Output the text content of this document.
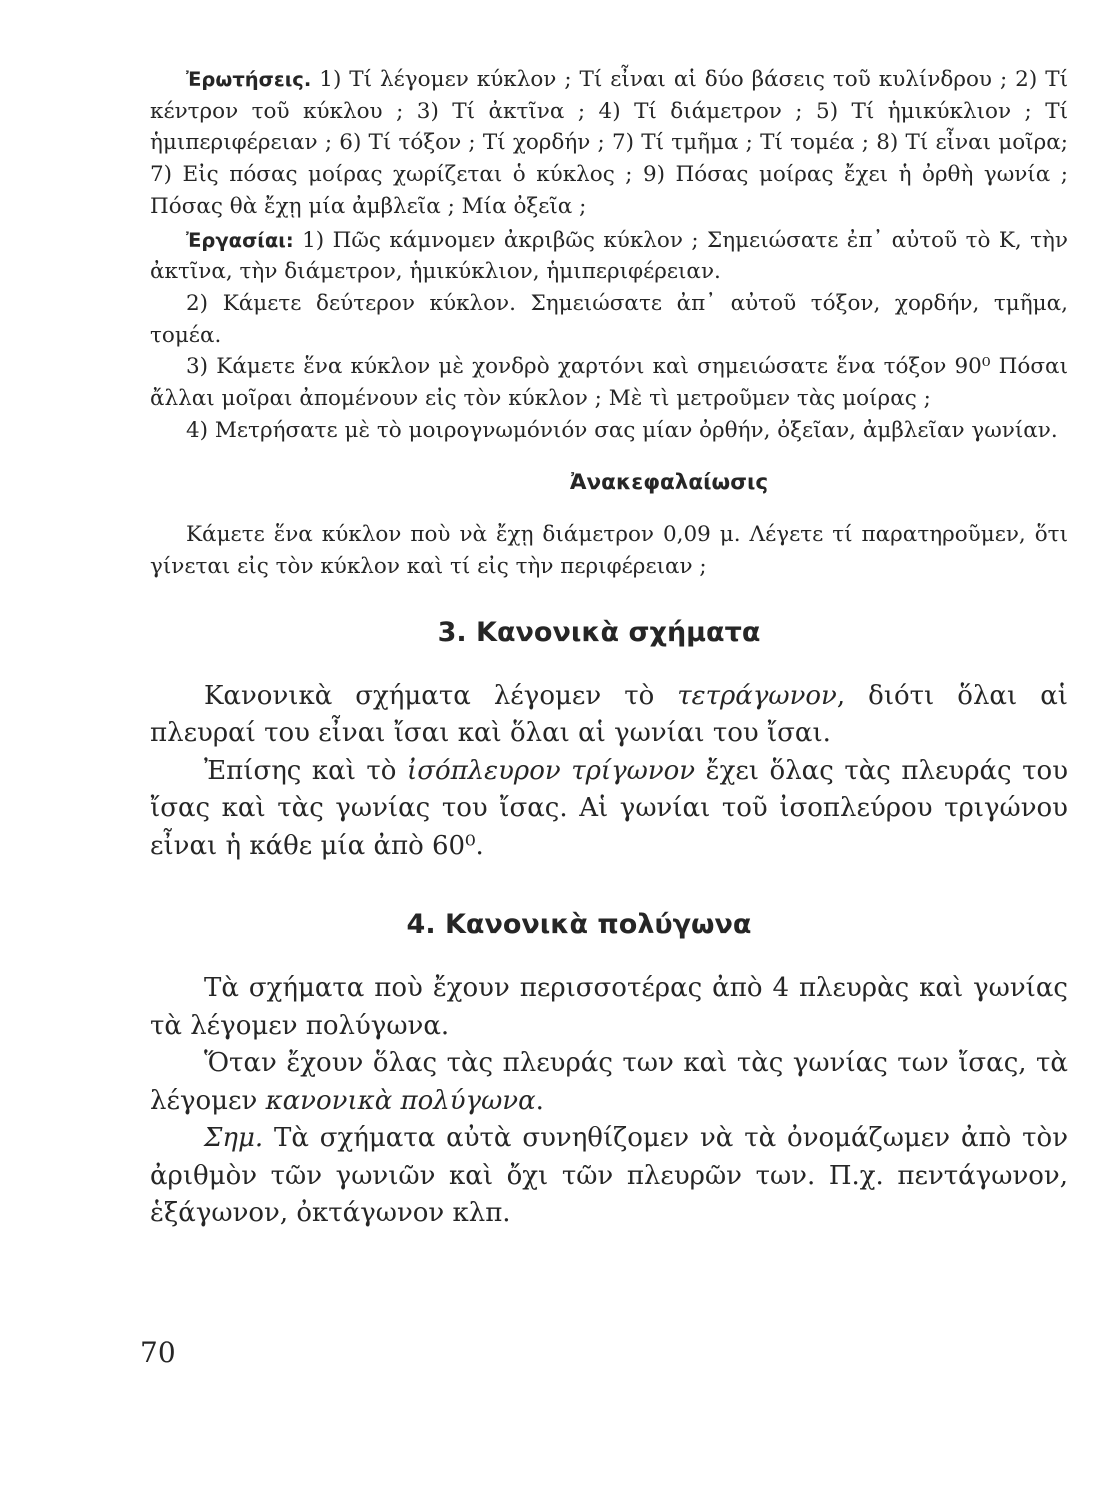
Ἐρωτήσεις. 1) Τί λέγομεν κύκλον ; Τί εἶναι αἱ δύο βάσεις τοῦ κυλίνδρου ; 2) Τί κέντρον τοῦ κύκλου ; 3) Τί ἀκτῖνα ; 4) Τί διάμετρον ; 5) Τί ἡμικύκλιον ; Τί ἡμιπεριφέρειαν ; 6) Τί τόξον ; Τί χορδήν ; 7) Τί τμῆμα ; Τί τομέα ; 8) Τί εἶναι μοῖρα; 7) Εἰς πόσας μοίρας χωρίζεται ὁ κύκλος ; 9) Πόσας μοίρας ἔχει ἡ ὀρθὴ γωνία ; Πόσας θὰ ἔχῃ μία ἀμβλεῖα ; Μία ὀξεῖα ;

Ἐργασίαι: 1) Πῶς κάμνομεν ἀκριβῶς κύκλον ; Σημειώσατε ἐπ᾽ αὐτοῦ τὸ Κ, τὴν ἀκτῖνα, τὴν διάμετρον, ἡμικύκλιον, ἡμιπεριφέρειαν.

2) Κάμετε δεύτερον κύκλον. Σημειώσατε ἀπ᾽ αὐτοῦ τόξον, χορδήν, τμῆμα, τομέα.

3) Κάμετε ἕνα κύκλον μὲ χονδρὸ χαρτόνι καὶ σημειώσατε ἕνα τόξον 90⁰ Πόσαι ἄλλαι μοῖραι ἀπομένουν εἰς τὸν κύκλον ; Μὲ τὶ μετροῦμεν τὰς μοίρας ;

4) Μετρήσατε μὲ τὸ μοιρογνωμόνιόν σας μίαν ὀρθήν, ὀξεῖαν, ἀμβλεῖαν γωνίαν.

Ἀνακεφαλαίωσις

Κάμετε ἕνα κύκλον ποὺ νὰ ἔχῃ διάμετρον 0,09 μ. Λέγετε τί παρατηροῦμεν, ὅτι γίνεται εἰς τὸν κύκλον καὶ τί εἰς τὴν περιφέρειαν ;

3. Κανονικὰ σχήματα

Κανονικὰ σχήματα λέγομεν τὸ τετράγωνον, διότι ὅλαι αἱ πλευραί του εἶναι ἴσαι καὶ ὅλαι αἱ γωνίαι του ἴσαι.

Ἐπίσης καὶ τὸ ἰσόπλευρον τρίγωνον ἔχει ὅλας τὰς πλευράς του ἴσας καὶ τὰς γωνίας του ἴσας. Αἱ γωνίαι τοῦ ἰσοπλεύρου τριγώνου εἶναι ἡ κάθε μία ἀπὸ 60⁰.

4. Κανονικὰ πολύγωνα

Τὰ σχήματα ποὺ ἔχουν περισσοτέρας ἀπὸ 4 πλευρὰς καὶ γωνίας τὰ λέγομεν πολύγωνα.

Ὅταν ἔχουν ὅλας τὰς πλευράς των καὶ τὰς γωνίας των ἴσας, τὰ λέγομεν κανονικὰ πολύγωνα.

Σημ. Τὰ σχήματα αὐτὰ συνηθίζομεν νὰ τὰ ὀνομάζωμεν ἀπὸ τὸν ἀριθμὸν τῶν γωνιῶν καὶ ὄχι τῶν πλευρῶν των. Π.χ. πεντάγωνον, ἑξάγωνον, ὀκτάγωνον κλπ.

70
